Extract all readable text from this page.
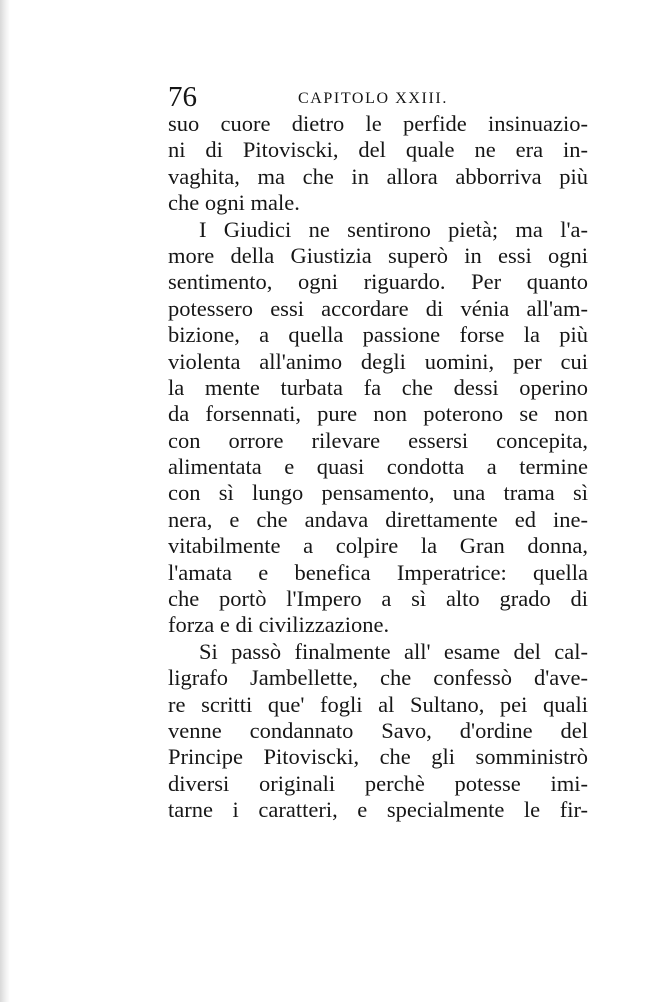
76	CAPITOLO XXIII.
suo cuore dietro le perfide insinuazio-
ni di Pitoviscki, del quale ne era in-
vaghita, ma che in allora abborriva più
che ogni male.
I Giudici ne sentirono pietà; ma l'a-
more della Giustizia superò in essi ogni
sentimento, ogni riguardo. Per quanto
potessero essi accordare di vénia all'am-
bizione, a quella passione forse la più
violenta all'animo degli uomini, per cui
la mente turbata fa che dessi operino
da forsennati, pure non poterono se non
con orrore rilevare essersi concepita,
alimentata e quasi condotta a termine
con sì lungo pensamento, una trama sì
nera, e che andava direttamente ed ine-
vitabilmente a colpire la Gran donna,
l'amata e benefica Imperatrice: quella
che portò l'Impero a sì alto grado di
forza e di civilizzazione.
Si passò finalmente all' esame del cal-
ligrafo Jambellette, che confessò d'ave-
re scritti que' fogli al Sultano, pei quali
venne condannato Savo, d'ordine del
Principe Pitoviscki, che gli somministrò
diversi originali perchè potesse imi-
tarne i caratteri, e specialmente le fir-
